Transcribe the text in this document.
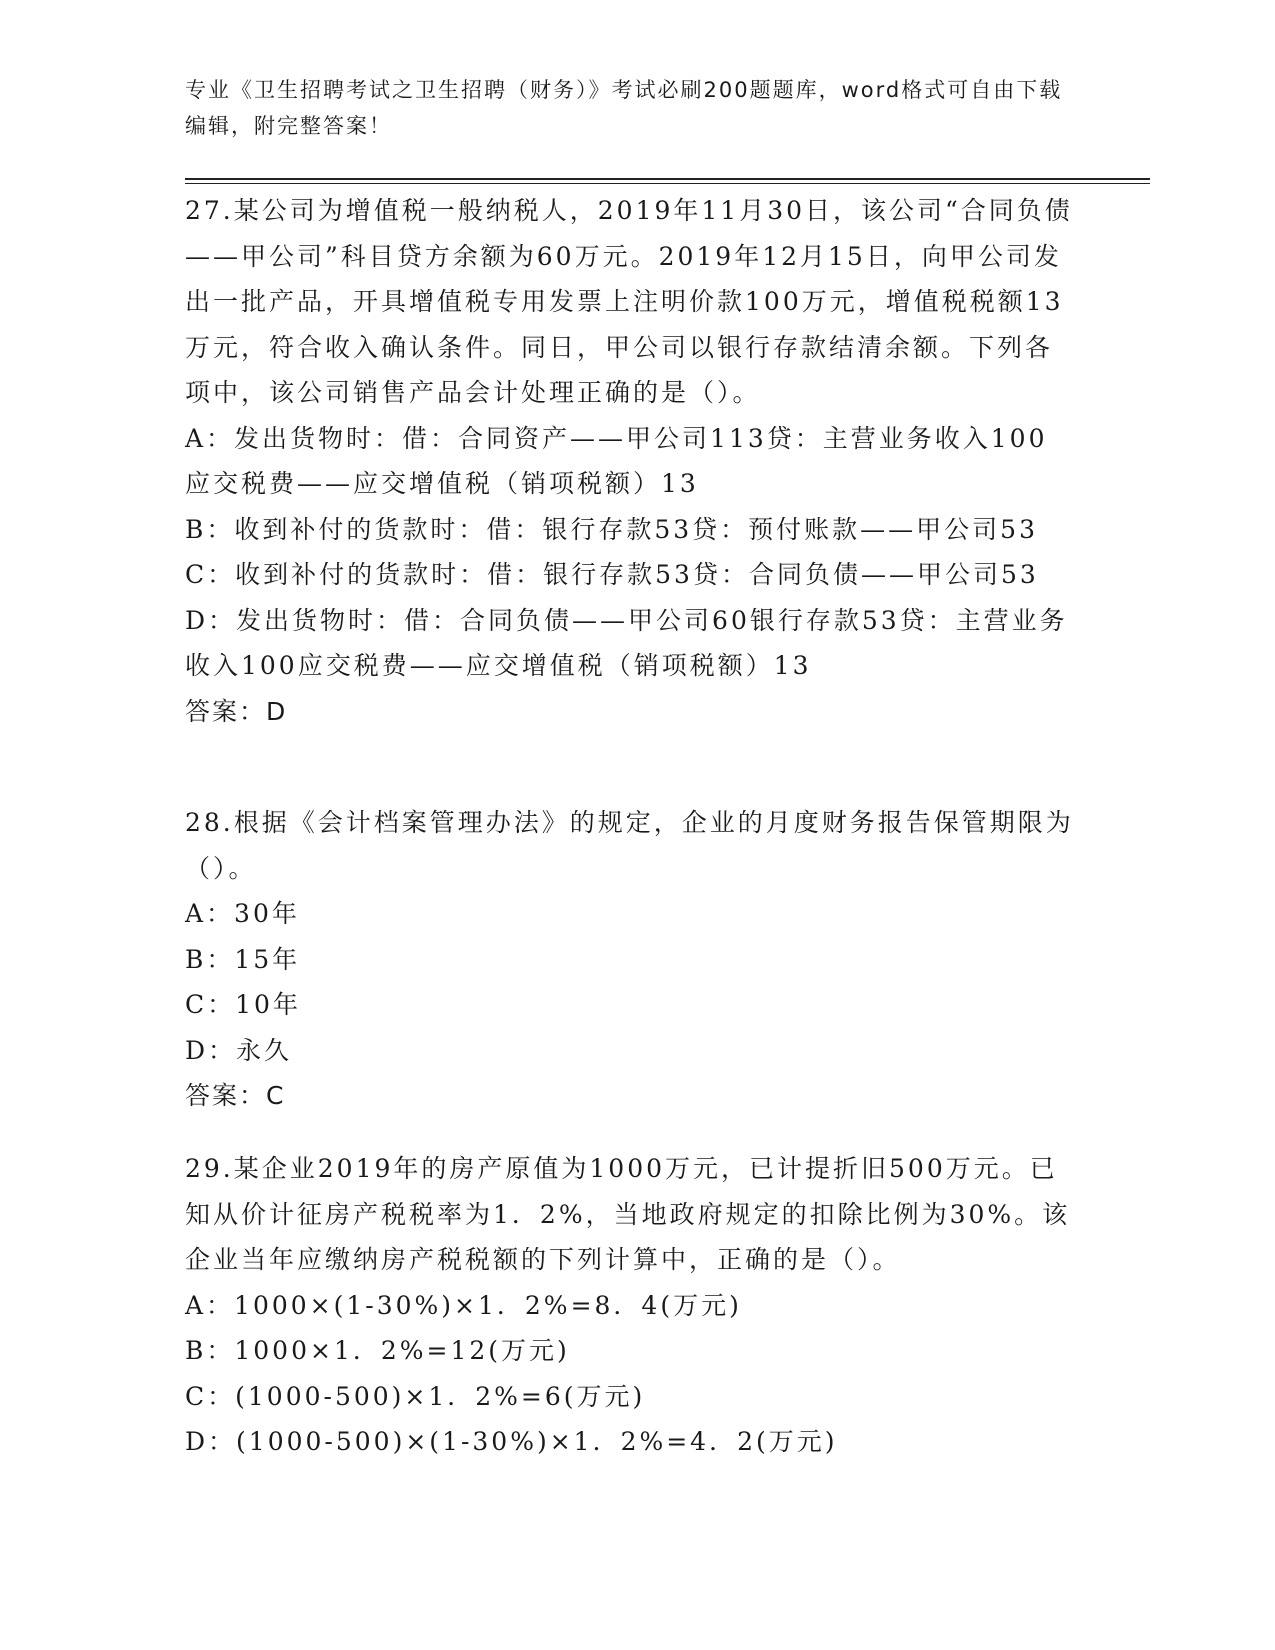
专业《卫生招聘考试之卫生招聘（财务）》考试必刷200题题库，word格式可自由下载编辑，附完整答案！

27.某公司为增值税一般纳税人，2019年11月30日，该公司“合同负债——甲公司”科目贷方余额为60万元。2019年12月15日，向甲公司发出一批产品，开具增值税专用发票上注明价款100万元，增值税税额13万元，符合收入确认条件。同日，甲公司以银行存款结清余额。下列各项中，该公司销售产品会计处理正确的是（）。

A：发出货物时：借：合同资产——甲公司113贷：主营业务收入100应交税费——应交增值税（销项税额）13

B：收到补付的货款时：借：银行存款53贷：预付账款——甲公司53

C：收到补付的货款时：借：银行存款53贷：合同负债——甲公司53

D：发出货物时：借：合同负债——甲公司60银行存款53贷：主营业务收入100应交税费——应交增值税（销项税额）13

答案：D

28.根据《会计档案管理办法》的规定，企业的月度财务报告保管期限为（）。

A：30年

B：15年

C：10年

D：永久

答案：C

29.某企业2019年的房产原值为1000万元，已计提折旧500万元。已知从价计征房产税税率为1．2%，当地政府规定的扣除比例为30%。该企业当年应缴纳房产税税额的下列计算中，正确的是（）。

A：1000×(1-30%)×1．2%=8．4(万元)

B：1000×1．2%=12(万元)

C：(1000-500)×1．2%=6(万元)

D：(1000-500)×(1-30%)×1．2%=4．2(万元)
